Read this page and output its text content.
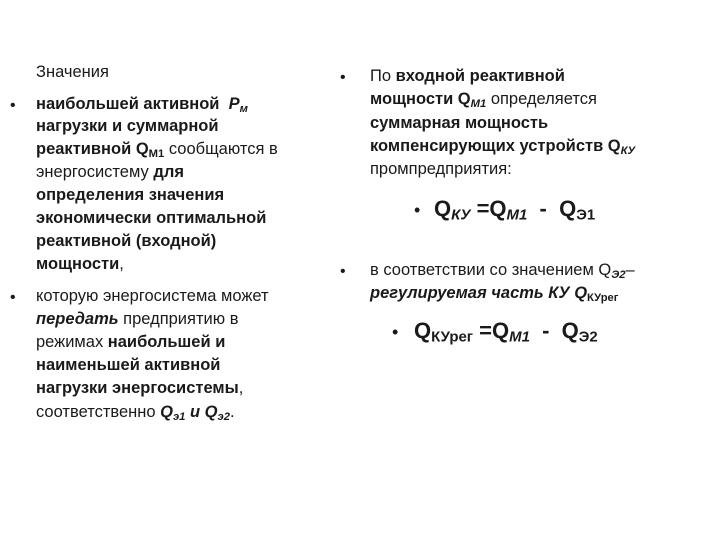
Значения
• наибольшей активной $P_м$
нагрузки и суммарной
реактивной $Q_{М1}$ сообщаются в
энергосистему для
определения значения
экономически оптимальной
реактивной (входной)
мощности,
• которую энергосистема может
передать предприятию в
режимах наибольшей и
наименьшей активной
нагрузки энергосистемы,
соответственно $Q_{э1}$ и $Q_{э2}$.
• По входной реактивной
мощности $Q_{М1}$ определяется
суммарная мощность
компенсирующих устройств $Q_{КУ}$
промпредприятия:
• $Q_{КУ} =Q_{М1} - Q_{Э1}$
• в соответствии со значением $Q_{Э2}-$
регулируемая часть КУ $Q_{КУрег}$
• $Q_{КУрег} =Q_{М1} - Q_{Э2}$
